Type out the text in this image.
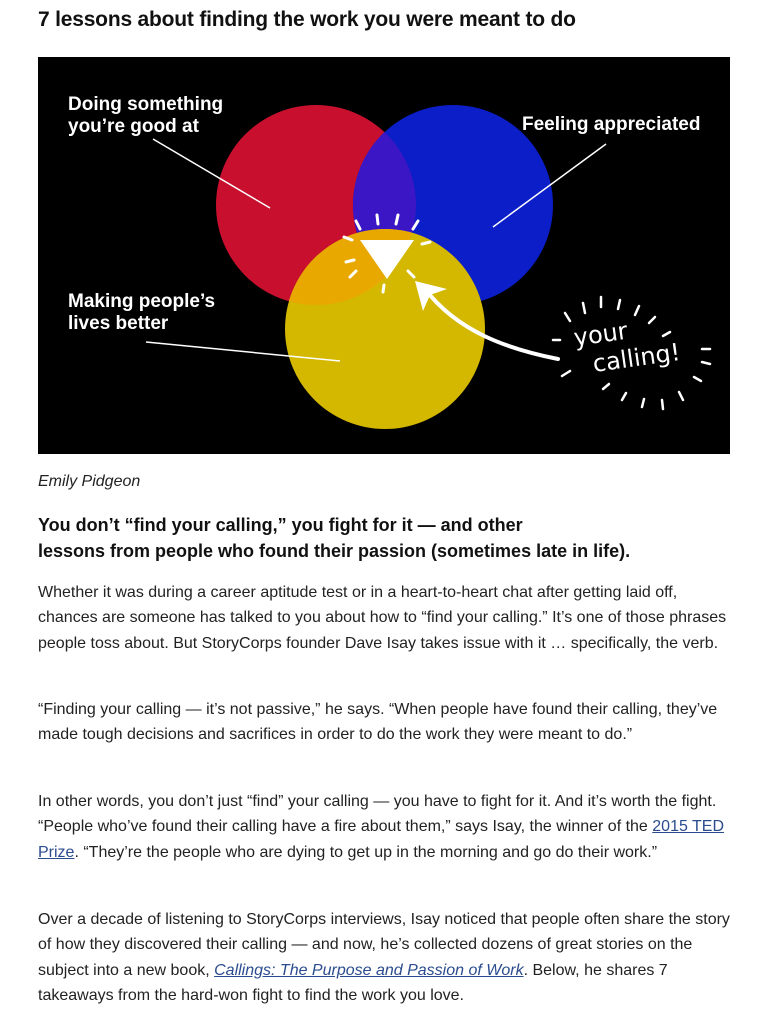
7 lessons about finding the work you were meant to do
Doing something
you’re good at	Feeling appreciated
Making people’s
lives better	your
calling!

Emily Pidgeon

You don’t “find your calling,” you fight for it — and other
lessons from people who found their passion (sometimes late in life).

Whether it was during a career aptitude test or in a heart-to-heart chat after getting laid off, chances are someone has talked to you about how to “find your calling.” It’s one of those phrases people toss about. But StoryCorps founder Dave Isay takes issue with it … specifically, the verb.

“Finding your calling — it’s not passive,” he says. “When people have found their calling, they’ve made tough decisions and sacrifices in order to do the work they were meant to do.”

In other words, you don’t just “find” your calling — you have to fight for it. And it’s worth the fight. “People who’ve found their calling have a fire about them,” says Isay, the winner of the 2015 TED Prize. “They’re the people who are dying to get up in the morning and go do their work.”

Over a decade of listening to StoryCorps interviews, Isay noticed that people often share the story of how they discovered their calling — and now, he’s collected dozens of great stories on the subject into a new book, Callings: The Purpose and Passion of Work. Below, he shares 7 takeaways from the hard-won fight to find the work you love.
